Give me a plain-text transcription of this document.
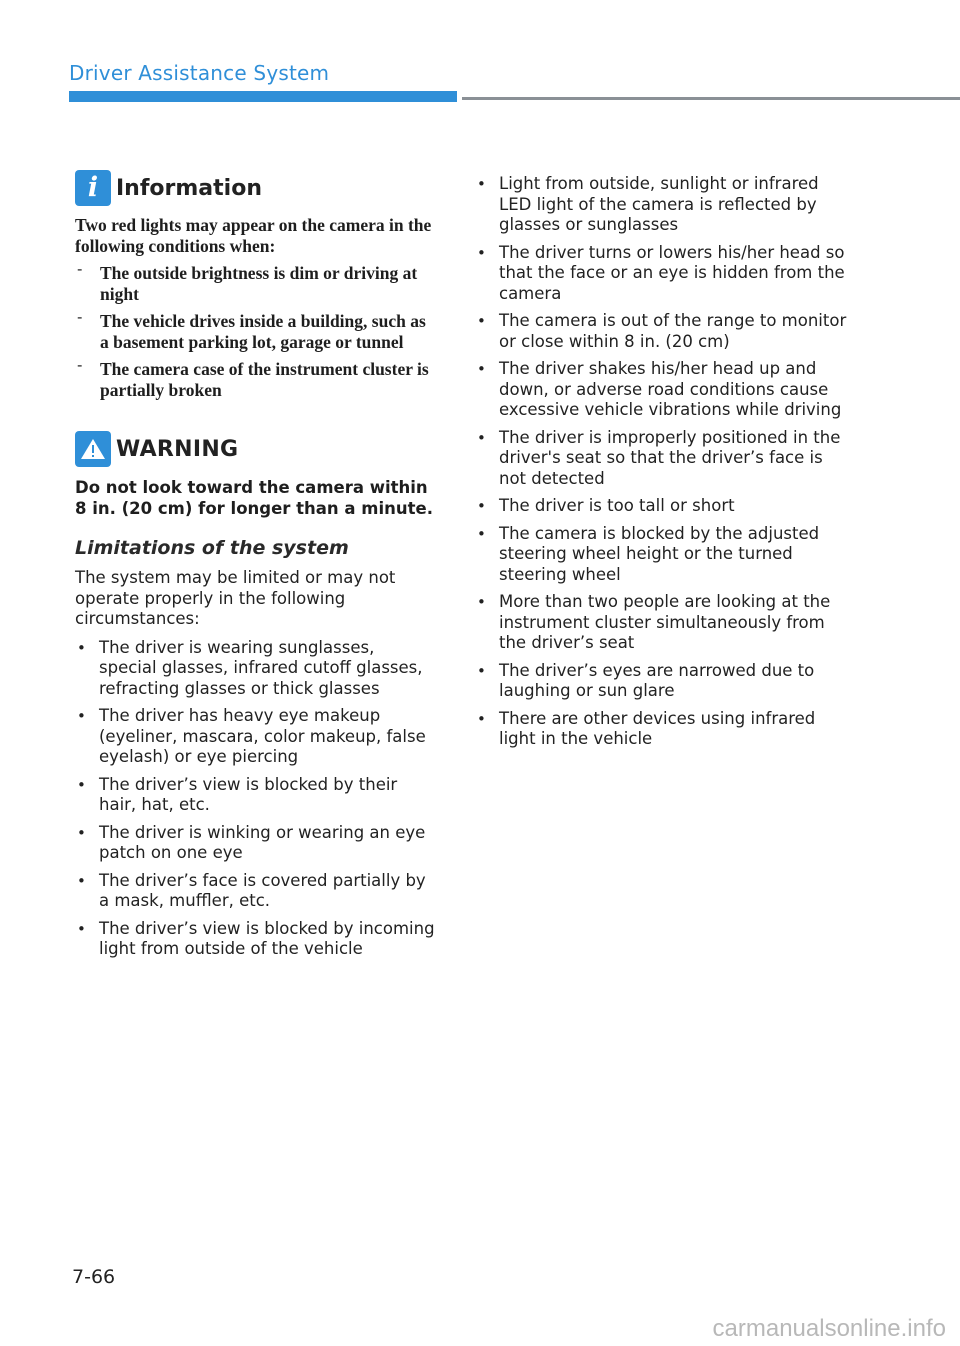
Driver Assistance System
i Information
Two red lights may appear on the camera in the following conditions when:
- The outside brightness is dim or driving at night
- The vehicle drives inside a building, such as a basement parking lot, garage or tunnel
- The camera case of the instrument cluster is partially broken
WARNING
Do not look toward the camera within 8 in. (20 cm) for longer than a minute.
Limitations of the system
The system may be limited or may not operate properly in the following circumstances:
• The driver is wearing sunglasses, special glasses, infrared cutoff glasses, refracting glasses or thick glasses
• The driver has heavy eye makeup (eyeliner, mascara, color makeup, false eyelash) or eye piercing
• The driver’s view is blocked by their hair, hat, etc.
• The driver is winking or wearing an eye patch on one eye
• The driver’s face is covered partially by a mask, muffler, etc.
• The driver’s view is blocked by incoming light from outside of the vehicle
• Light from outside, sunlight or infrared LED light of the camera is reflected by glasses or sunglasses
• The driver turns or lowers his/her head so that the face or an eye is hidden from the camera
• The camera is out of the range to monitor or close within 8 in. (20 cm)
• The driver shakes his/her head up and down, or adverse road conditions cause excessive vehicle vibrations while driving
• The driver is improperly positioned in the driver's seat so that the driver’s face is not detected
• The driver is too tall or short
• The camera is blocked by the adjusted steering wheel height or the turned steering wheel
• More than two people are looking at the instrument cluster simultaneously from the driver’s seat
• The driver’s eyes are narrowed due to laughing or sun glare
• There are other devices using infrared light in the vehicle
7-66
carmanualsonline.info
